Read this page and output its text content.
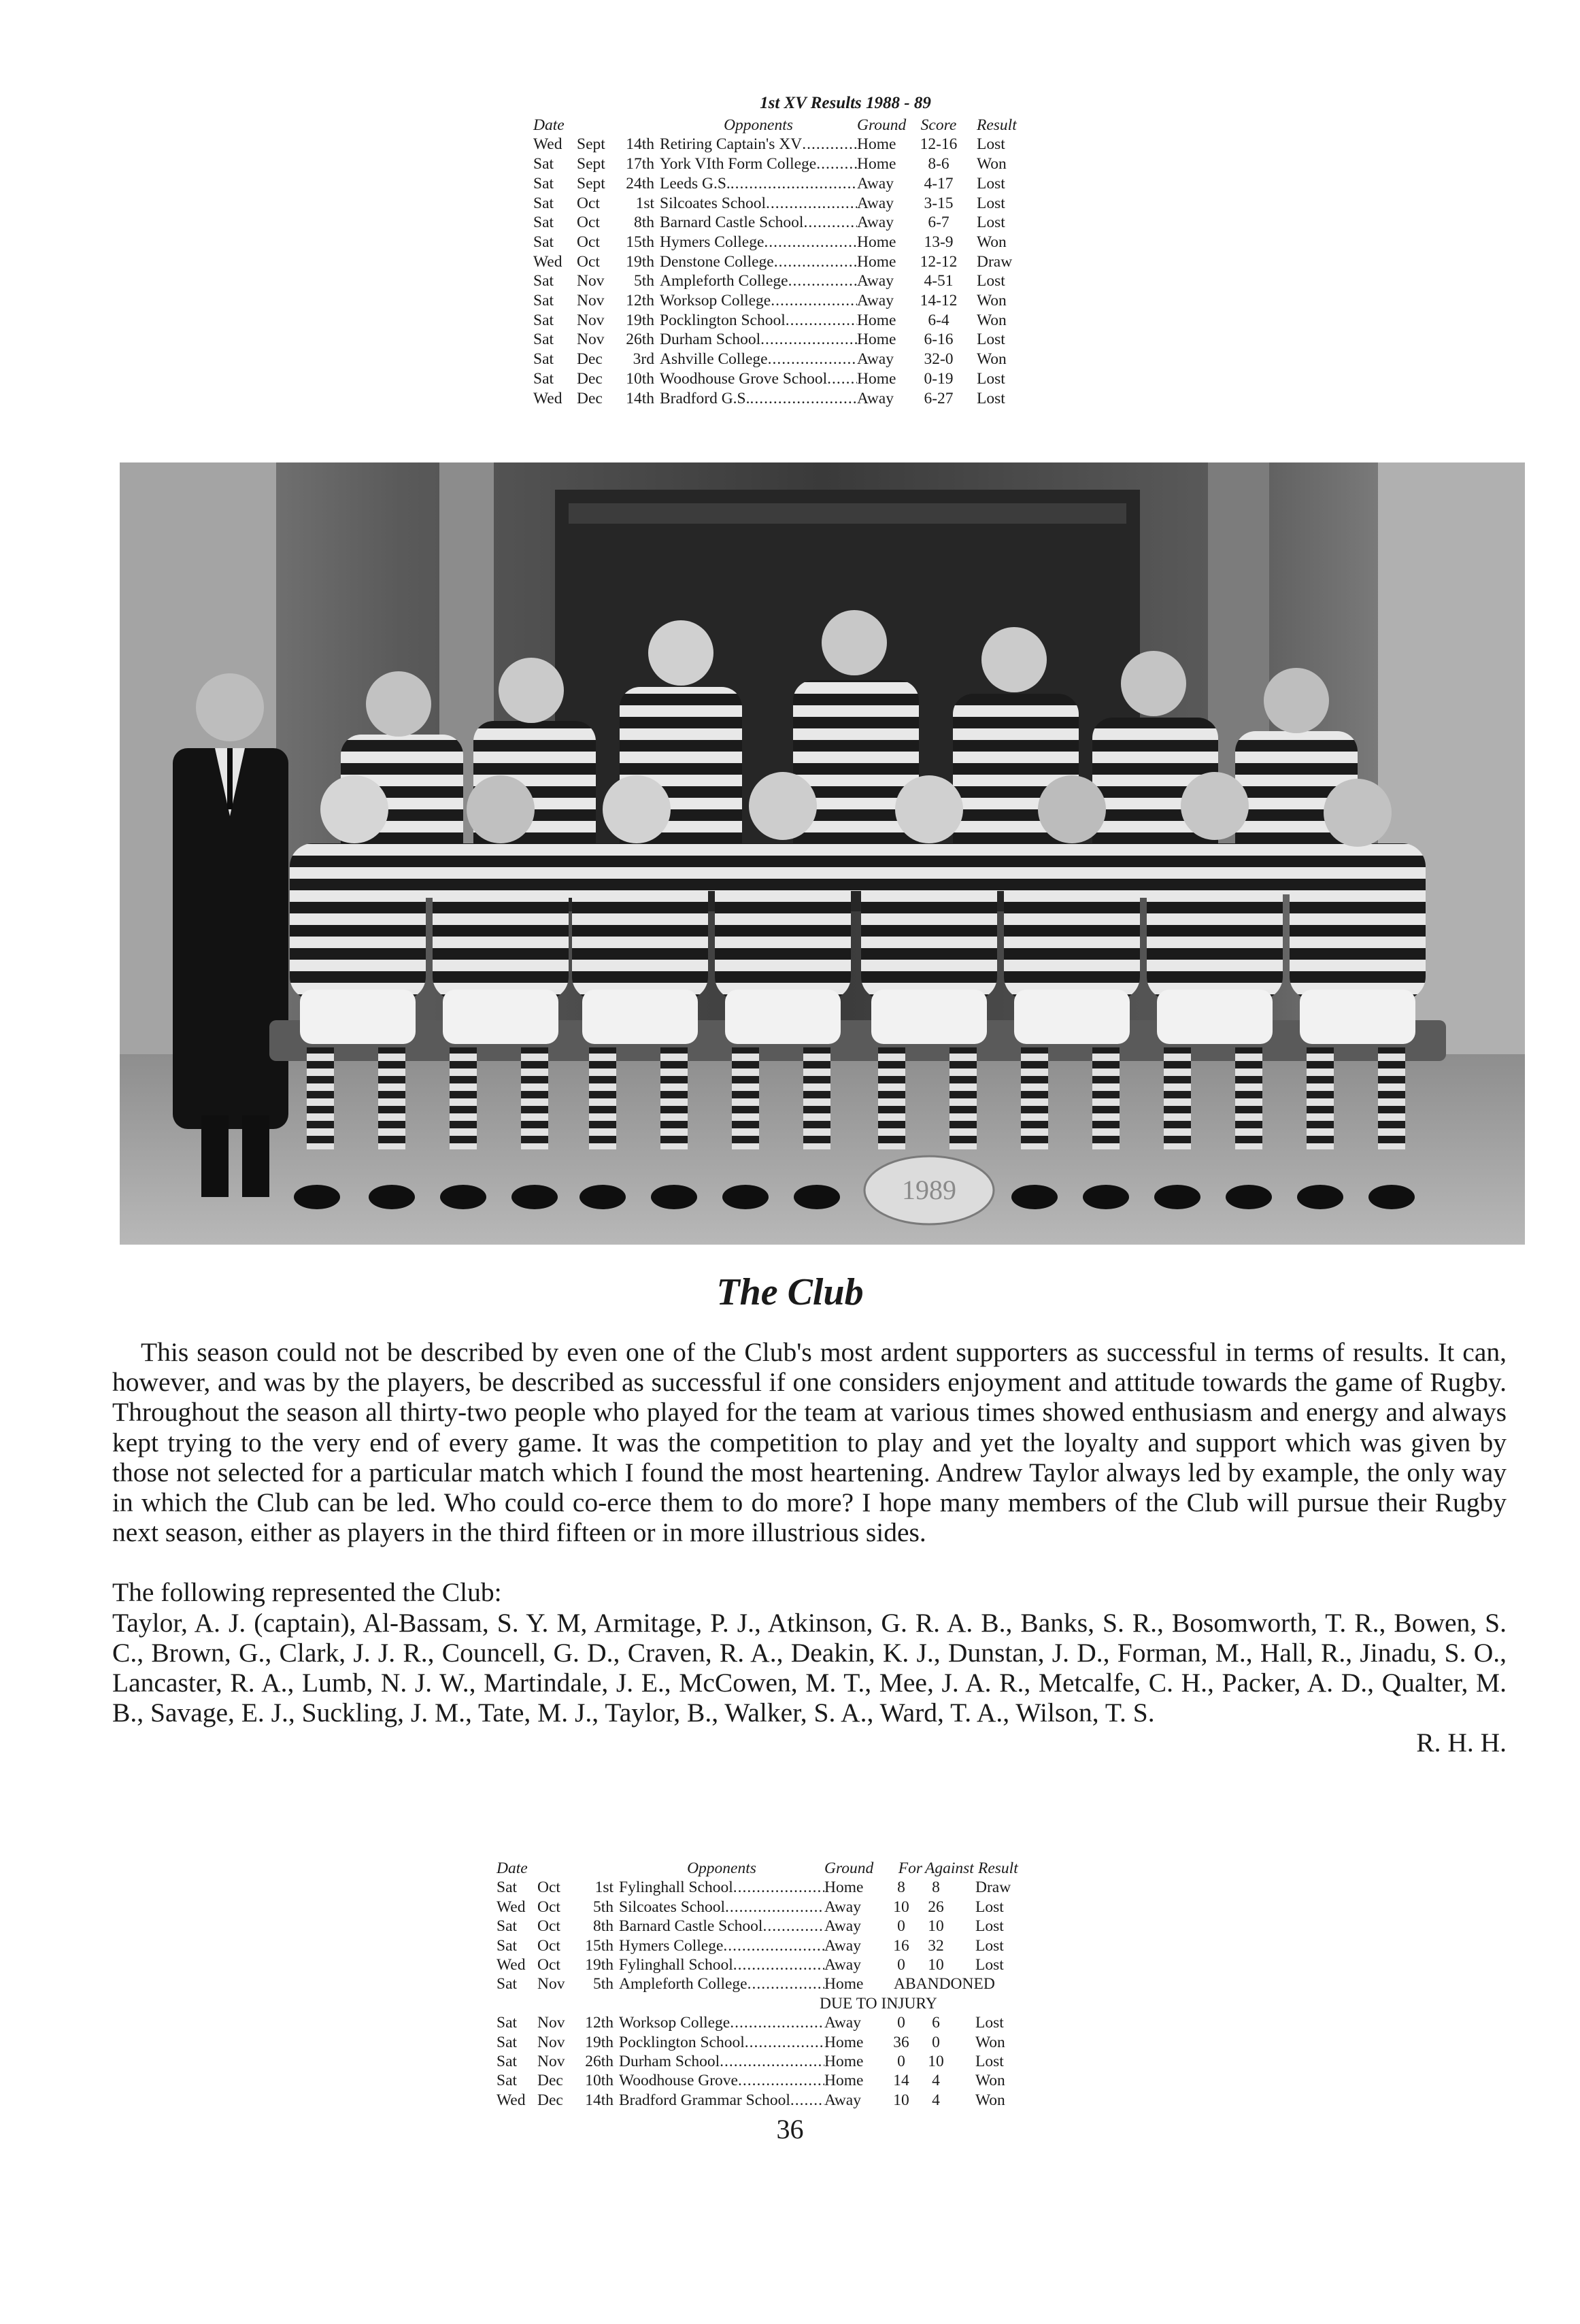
1st XV Results 1988 - 89
Date	Opponents	Ground Score	Result
Wed Sept	14th Retiring Captain's XV .....	Home	12-16	Lost
Sat	Sept	17th York VIth Form College .....	Home	8-6	Won
Sat	Sept	24th Leeds G.S. .....	Away	4-17	Lost
Sat	Oct	1st Silcoates School .....	Away	3-15	Lost
Sat	Oct	8th Barnard Castle School .....	Away	6-7	Lost
Sat	Oct	15th Hymers College .....	Home	13-9	Won
Wed Oct	19th Denstone College .....	Home	12-12	Draw
Sat	Nov	5th Ampleforth College .....	Away	4-51	Lost
Sat	Nov	12th Worksop College .....	Away	14-12	Won
Sat	Nov	19th Pocklington School .....	Home	6-4	Won
Sat	Nov	26th Durham School .....	Home	6-16	Lost
Sat	Dec	3rd Ashville College .....	Away	32-0	Won
Sat	Dec	10th Woodhouse Grove School ..... Home	0-19	Lost
Wed Dec	14th Bradford G.S. .....	Away	6-27	Lost
1989
The Club

This season could not be described by even one of the Club's most ardent supporters as successful in terms of results. It can, however, and was by the players, be described as successful if one considers enjoyment and attitude towards the game of Rugby. Throughout the season all thirty-two people who played for the team at various times showed enthusiasm and energy and always kept trying to the very end of every game. It was the competition to play and yet the loyalty and support which was given by those not selected for a particular match which I found the most heartening. Andrew Taylor always led by example, the only way in which the Club can be led. Who could co-erce them to do more? I hope many members of the Club will pursue their Rugby next season, either as players in the third fifteen or in more illustrious sides.

The following represented the Club:

Taylor, A. J. (captain), Al-Bassam, S. Y. M, Armitage, P. J., Atkinson, G. R. A. B., Banks, S. R., Bosomworth, T. R., Bowen, S. C., Brown, G., Clark, J. J. R., Councell, G. D., Craven, R. A., Deakin, K. J., Dunstan, J. D., Forman, M., Hall, R., Jinadu, S. O., Lancaster, R. A., Lumb, N. J. W., Martindale, J. E., McCowen, M. T., Mee, J. A. R., Metcalfe, C. H., Packer, A. D., Qualter, M. B., Savage, E. J., Suckling, J. M., Tate, M. J., Taylor, B., Walker, S. A., Ward, T. A., Wilson, T. S.

R. H. H.

Date	Opponents	Ground	For Against Result
Sat	Oct	1st Fylinghall School .....	Home	8	8	Draw
Wed Oct	5th Silcoates School .....	Away	10	26	Lost
Sat	Oct	8th Barnard Castle School .....	Away	0	10	Lost
Sat	Oct	15th Hymers College .....	Away	16	32	Lost
Wed Oct	19th Fylinghall School .....	Away	0	10	Lost
Sat	Nov	5th Ampleforth College .....	Home ABANDONED
DUE TO INJURY
Sat	Nov	12th Worksop College .....	Away	0	6	Lost
Sat	Nov	19th Pocklington School .....	Home	36	0	Won
Sat	Nov	26th Durham School .....	Home	0	10	Lost
Sat	Dec	10th Woodhouse Grove .....	Home	14	4	Won
Wed Dec	14th Bradford Grammar School ..... Away	10	4	Won
36
